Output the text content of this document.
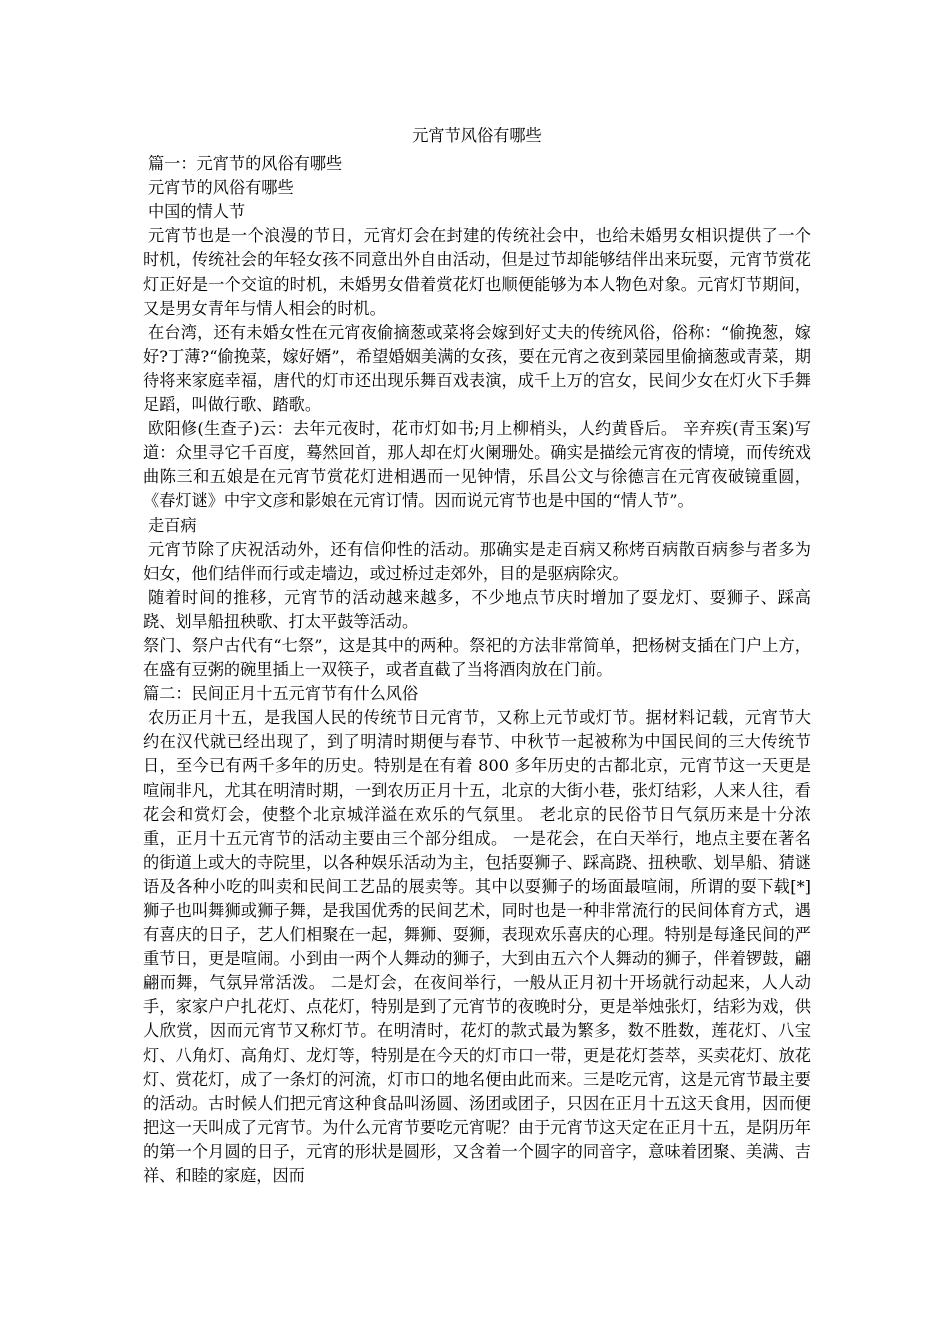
元宵节风俗有哪些

篇一：元宵节的风俗有哪些

元宵节的风俗有哪些

中国的情人节

元宵节也是一个浪漫的节日，元宵灯会在封建的传统社会中，也给未婚男女相识提供了一个时机，传统社会的年轻女孩不同意出外自由活动，但是过节却能够结伴出来玩耍，元宵节赏花灯正好是一个交谊的时机，未婚男女借着赏花灯也顺便能够为本人物色对象。元宵灯节期间，又是男女青年与情人相会的时机。

在台湾，还有未婚女性在元宵夜偷摘葱或菜将会嫁到好丈夫的传统风俗，俗称：“偷挽葱，嫁好?丁薄?“偷挽菜，嫁好婿”，希望婚姻美满的女孩，要在元宵之夜到菜园里偷摘葱或青菜，期待将来家庭幸福，唐代的灯市还出现乐舞百戏表演，成千上万的宫女，民间少女在灯火下手舞足蹈，叫做行歌、踏歌。

欧阳修(生查子)云：去年元夜时，花市灯如书;月上柳梢头，人约黄昏后。 辛弃疾(青玉案)写道：众里寻它千百度，蓦然回首，那人却在灯火阑珊处。确实是描绘元宵夜的情境，而传统戏曲陈三和五娘是在元宵节赏花灯进相遇而一见钟情，乐昌公文与徐德言在元宵夜破镜重圆，《春灯谜》中宇文彦和影娘在元宵订情。因而说元宵节也是中国的“情人节”。

走百病

元宵节除了庆祝活动外，还有信仰性的活动。那确实是走百病又称烤百病散百病参与者多为妇女，他们结伴而行或走墙边，或过桥过走郊外，目的是驱病除灾。

随着时间的推移，元宵节的活动越来越多，不少地点节庆时增加了耍龙灯、耍狮子、踩高跷、划旱船扭秧歌、打太平鼓等活动。

祭门、祭户古代有“七祭”，这是其中的两种。祭祀的方法非常简单，把杨树支插在门户上方，在盛有豆粥的碗里插上一双筷子，或者直截了当将酒肉放在门前。

篇二：民间正月十五元宵节有什么风俗

农历正月十五，是我国人民的传统节日元宵节，又称上元节或灯节。据材料记载，元宵节大约在汉代就已经出现了，到了明清时期便与春节、中秋节一起被称为中国民间的三大传统节日，至今已有两千多年的历史。特别是在有着 800 多年历史的古都北京，元宵节这一天更是喧闹非凡，尤其在明清时期，一到农历正月十五，北京的大街小巷，张灯结彩，人来人往，看花会和赏灯会，使整个北京城洋溢在欢乐的气氛里。 老北京的民俗节日气氛历来是十分浓重，正月十五元宵节的活动主要由三个部分组成。 一是花会，在白天举行，地点主要在著名的街道上或大的寺院里，以各种娱乐活动为主，包括耍狮子、踩高跷、扭秧歌、划旱船、猜谜语及各种小吃的叫卖和民间工艺品的展卖等。其中以耍狮子的场面最喧闹，所谓的耍下载[*]狮子也叫舞狮或狮子舞，是我国优秀的民间艺术，同时也是一种非常流行的民间体育方式，遇有喜庆的日子，艺人们相聚在一起，舞狮、耍狮，表现欢乐喜庆的心理。特别是每逢民间的严重节日，更是喧闹。小到由一两个人舞动的狮子，大到由五六个人舞动的狮子，伴着锣鼓，翩翩而舞，气氛异常活泼。 二是灯会，在夜间举行，一般从正月初十开场就行动起来，人人动手，家家户户扎花灯、点花灯，特别是到了元宵节的夜晚时分，更是举烛张灯，结彩为戏，供人欣赏，因而元宵节又称灯节。在明清时，花灯的款式最为繁多，数不胜数，莲花灯、八宝灯、八角灯、高角灯、龙灯等，特别是在今天的灯市口一带，更是花灯荟萃，买卖花灯、放花灯、赏花灯，成了一条灯的河流，灯市口的地名便由此而来。三是吃元宵，这是元宵节最主要的活动。古时候人们把元宵这种食品叫汤圆、汤团或团子，只因在正月十五这天食用，因而便把这一天叫成了元宵节。为什么元宵节要吃元宵呢？由于元宵节这天定在正月十五，是阴历年的第一个月圆的日子，元宵的形状是圆形，又含着一个圆字的同音字，意味着团聚、美满、吉祥、和睦的家庭，因而
